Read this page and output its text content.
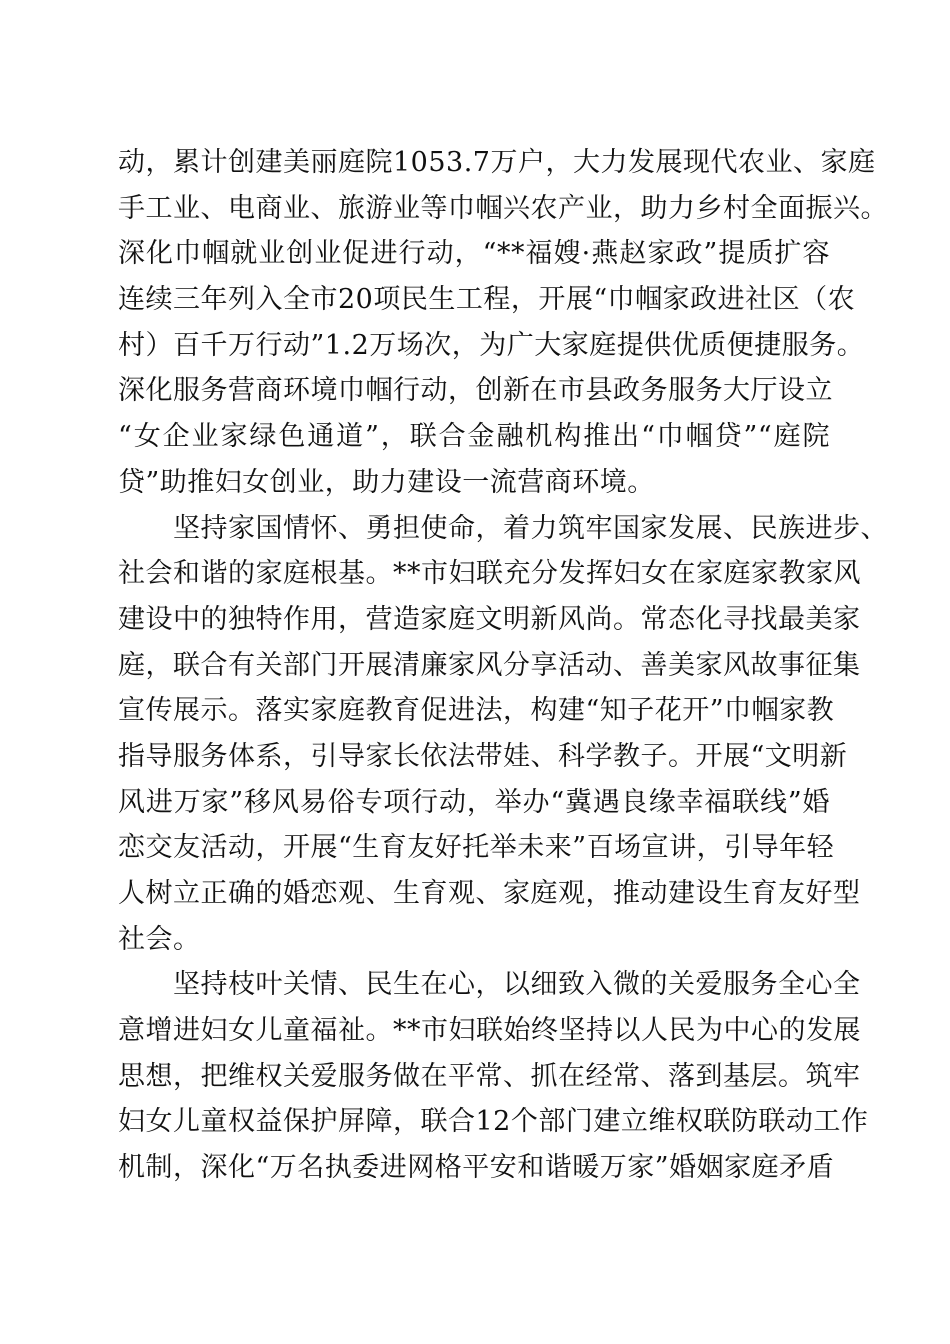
动，累计创建美丽庭院1053.7万户，大力发展现代农业、家庭
手工业、电商业、旅游业等巾帼兴农产业，助力乡村全面振兴。
深化巾帼就业创业促进行动，“**福嫂·燕赵家政”提质扩容
连续三年列入全市20项民生工程，开展“巾帼家政进社区（农
村）百千万行动”1.2万场次，为广大家庭提供优质便捷服务。
深化服务营商环境巾帼行动，创新在市县政务服务大厅设立
“女企业家绿色通道”，联合金融机构推出“巾帼贷”“庭院
贷”助推妇女创业，助力建设一流营商环境。
　　坚持家国情怀、勇担使命，着力筑牢国家发展、民族进步、
社会和谐的家庭根基。**市妇联充分发挥妇女在家庭家教家风
建设中的独特作用，营造家庭文明新风尚。常态化寻找最美家
庭，联合有关部门开展清廉家风分享活动、善美家风故事征集
宣传展示。落实家庭教育促进法，构建“知子花开”巾帼家教
指导服务体系，引导家长依法带娃、科学教子。开展“文明新
风进万家”移风易俗专项行动，举办“冀遇良缘幸福联线”婚
恋交友活动，开展“生育友好托举未来”百场宣讲，引导年轻
人树立正确的婚恋观、生育观、家庭观，推动建设生育友好型
社会。
　　坚持枝叶关情、民生在心，以细致入微的关爱服务全心全
意增进妇女儿童福祉。**市妇联始终坚持以人民为中心的发展
思想，把维权关爱服务做在平常、抓在经常、落到基层。筑牢
妇女儿童权益保护屏障，联合12个部门建立维权联防联动工作
机制，深化“万名执委进网格平安和谐暖万家”婚姻家庭矛盾
